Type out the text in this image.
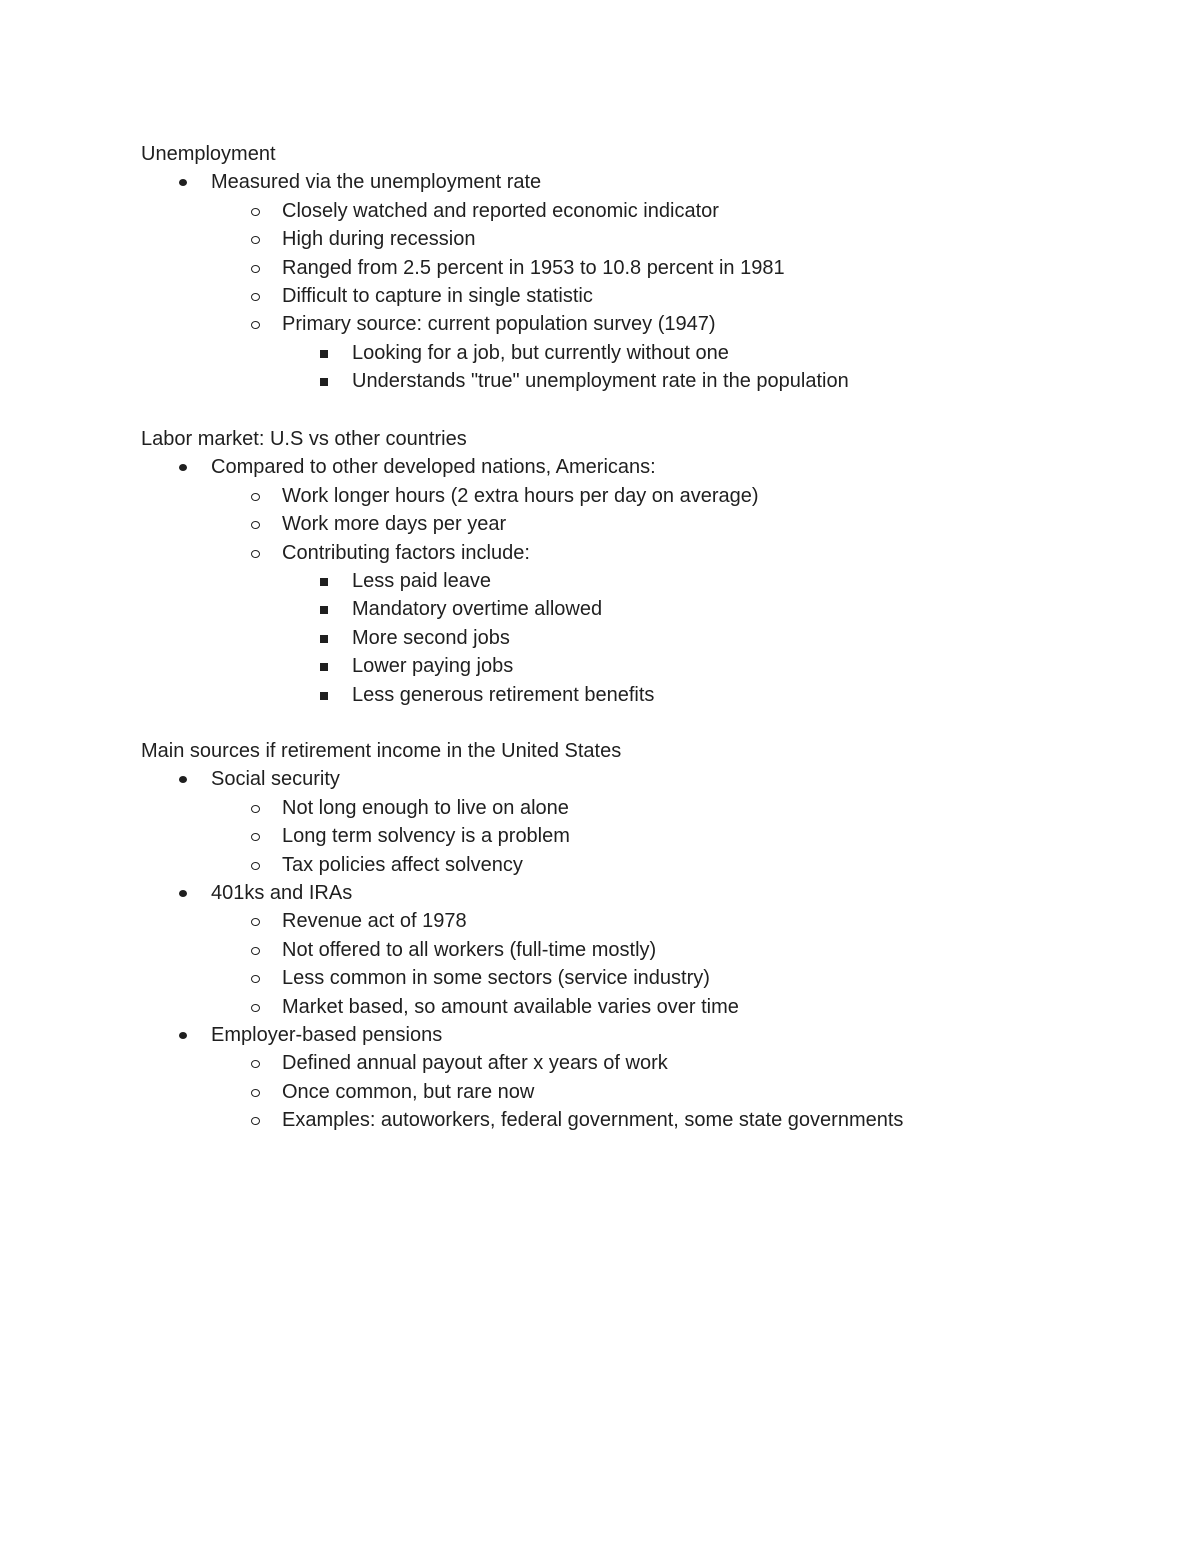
Unemployment
Measured via the unemployment rate
Closely watched and reported economic indicator
High during recession
Ranged from 2.5 percent in 1953 to 10.8 percent in 1981
Difficult to capture in single statistic
Primary source: current population survey (1947)
Looking for a job, but currently without one
Understands "true" unemployment rate in the population
Labor market: U.S vs other countries
Compared to other developed nations, Americans:
Work longer hours (2 extra hours per day on average)
Work more days per year
Contributing factors include:
Less paid leave
Mandatory overtime allowed
More second jobs
Lower paying jobs
Less generous retirement benefits
Main sources if retirement income in the United States
Social security
Not long enough to live on alone
Long term solvency is a problem
Tax policies affect solvency
401ks and IRAs
Revenue act of 1978
Not offered to all workers (full-time mostly)
Less common in some sectors (service industry)
Market based, so amount available varies over time
Employer-based pensions
Defined annual payout after x years of work
Once common, but rare now
Examples: autoworkers, federal government, some state governments
